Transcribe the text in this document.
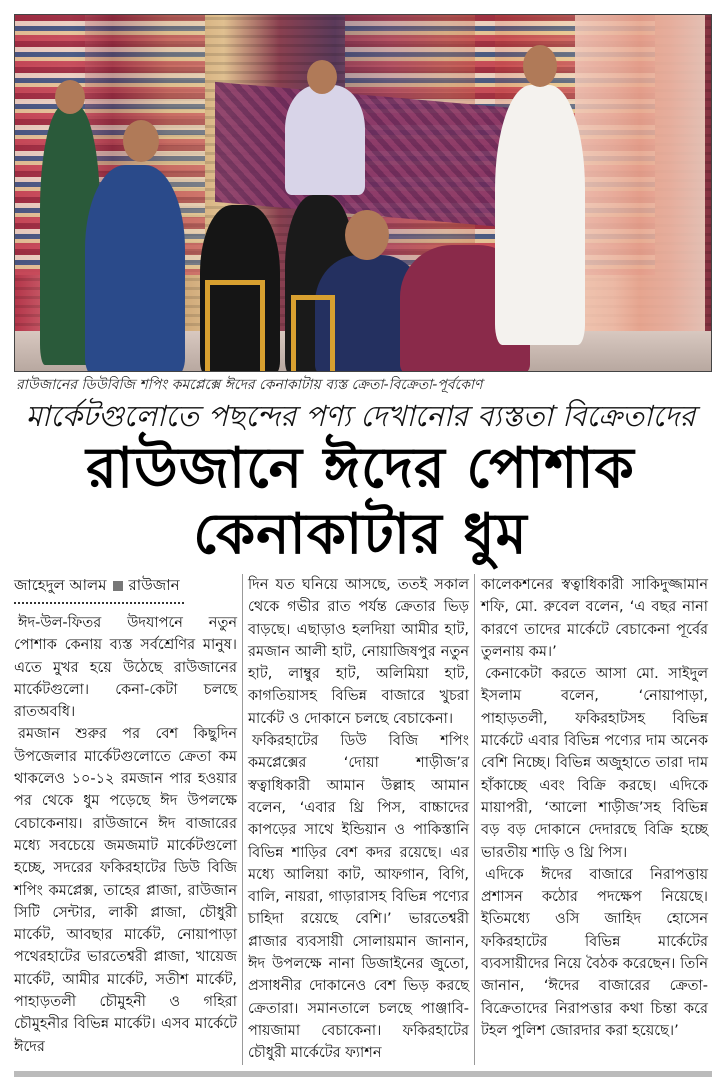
রাউজানের ডিউবিজি শপিং কমপ্লেক্সে ঈদের কেনাকাটায় ব্যস্ত ক্রেতা-বিক্রেতা-পূর্বকোণ
মার্কেটগুলোতে পছন্দের পণ্য দেখানোর ব্যস্ততা বিক্রেতাদের
রাউজানে ঈদের পোশাক কেনাকাটার ধুম
জাহেদুল আলম রাউজান

ঈদ-উল-ফিতর উদযাপনে নতুন পোশাক কেনায় ব্যস্ত সর্বশ্রেণির মানুষ। এতে মুখর হয়ে উঠেছে রাউজানের মার্কেটগুলো। কেনা-কেটা চলছে রাতঅবধি।

রমজান শুরুর পর বেশ কিছুদিন উপজেলার মার্কেটগুলোতে ক্রেতা কম থাকলেও ১০-১২ রমজান পার হওয়ার পর থেকে ধুম পড়েছে ঈদ উপলক্ষে বেচাকেনায়। রাউজানে ঈদ বাজারের মধ্যে সবচেয়ে জমজমাট মার্কেটগুলো হচ্ছে, সদরের ফকিরহাটের ডিউ বিজি শপিং কমপ্লেক্স, তাহের প্লাজা, রাউজান সিটি সেন্টার, লাকী প্লাজা, চৌধুরী মার্কেট, আবছার মার্কেট, নোয়াপাড়া পথেরহাটের ভারতেশ্বরী প্লাজা, খায়েজ মার্কেট, আমীর মার্কেট, সতীশ মার্কেট, পাহাড়তলী চৌমুহনী ও গহিরা চৌমুহনীর বিভিন্ন মার্কেট। এসব মার্কেটে ঈদের

দিন যত ঘনিয়ে আসছে, ততই সকাল থেকে গভীর রাত পর্যন্ত ক্রেতার ভিড় বাড়ছে। এছাড়াও হলদিয়া আমীর হাট, রমজান আলী হাট, নোয়াজিষপুর নতুন হাট, লাম্বুর হাট, অলিমিয়া হাট, কাগতিয়াসহ বিভিন্ন বাজারে খুচরা মার্কেট ও দোকানে চলছে বেচাকেনা।

ফকিরহাটের ডিউ বিজি শপিং কমপ্লেক্সের ‘দোয়া শাড়ীজ’র স্বত্বাধিকারী আমান উল্লাহ আমান বলেন, ‘এবার থ্রি পিস, বাচ্চাদের কাপড়ের সাথে ইন্ডিয়ান ও পাকিস্তানি বিভিন্ন শাড়ির বেশ কদর রয়েছে। এর মধ্যে আলিয়া কাট, আফগান, বিগি, বালি, নায়রা, গাড়ারাসহ বিভিন্ন পণ্যের চাহিদা রয়েছে বেশি।’ ভারতেশ্বরী প্লাজার ব্যবসায়ী সোলায়মান জানান, ঈদ উপলক্ষে নানা ডিজাইনের জুতো, প্রসাধনীর দোকানেও বেশ ভিড় করছে ক্রেতারা। সমানতালে চলছে পাঞ্জাবি- পায়জামা বেচাকেনা। ফকিরহাটের চৌধুরী মার্কেটের ফ্যাশন

কালেকশনের স্বত্বাধিকারী সাকিদুজ্জামান শফি, মো. রুবেল বলেন, ‘এ বছর নানা কারণে তাদের মার্কেটে বেচাকেনা পূর্বের তুলনায় কম।’

কেনাকেটা করতে আসা মো. সাইদুল ইসলাম বলেন, ‘নোয়াপাড়া, পাহাড়তলী, ফকিরহাটসহ বিভিন্ন মার্কেটে এবার বিভিন্ন পণ্যের দাম অনেক বেশি নিচ্ছে। বিভিন্ন অজুহাতে তারা দাম হাঁকাচ্ছে এবং বিক্রি করছে। এদিকে মায়াপরী, ‘আলো শাড়ীজ’সহ বিভিন্ন বড় বড় দোকানে দেদারছে বিক্রি হচ্ছে ভারতীয় শাড়ি ও থ্রি পিস।

এদিকে ঈদের বাজারে নিরাপত্তায় প্রশাসন কঠোর পদক্ষেপ নিয়েছে। ইতিমধ্যে ওসি জাহিদ হোসেন ফকিরহাটের বিভিন্ন মার্কেটের ব্যবসায়ীদের নিয়ে বৈঠক করেছেন। তিনি জানান, ‘ঈদের বাজারের ক্রেতা-বিক্রেতাদের নিরাপত্তার কথা চিন্তা করে টহল পুলিশ জোরদার করা হয়েছে।’
